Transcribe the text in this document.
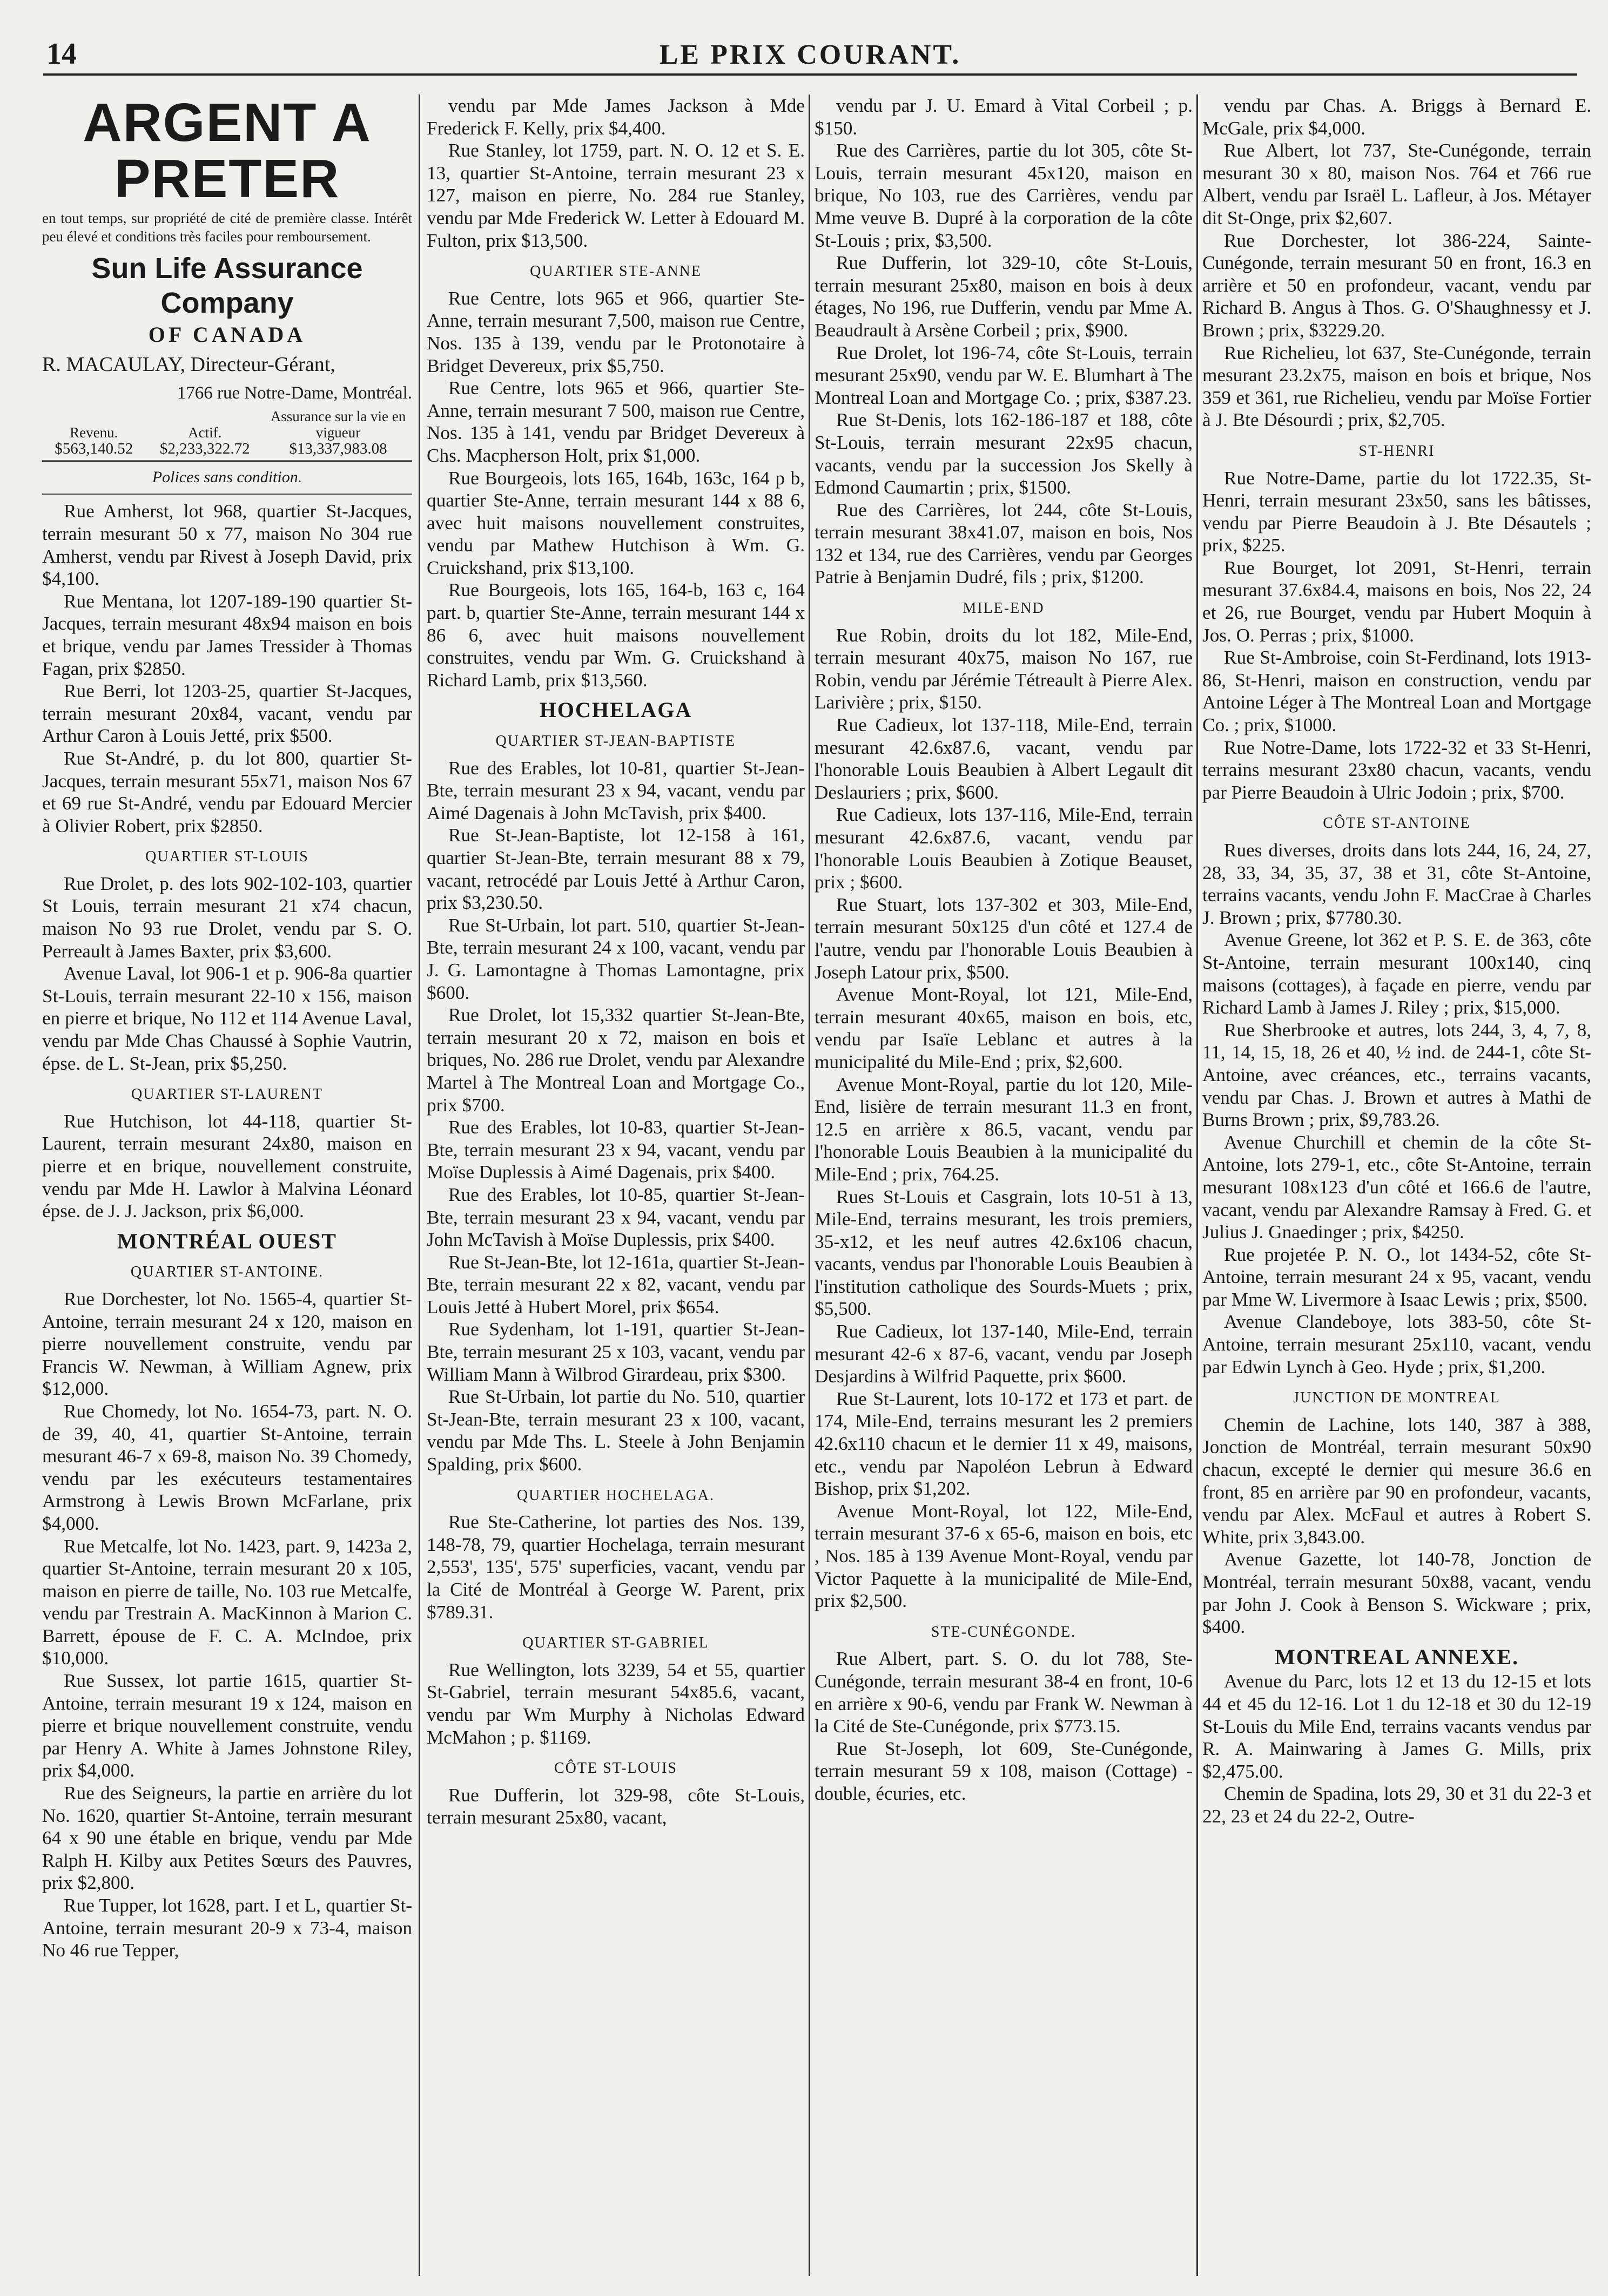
14	LE PRIX COURANT.
ARGENT A PRETER
en tout temps, sur propriété de cité de première classe. Intérêt peu élevé et conditions très faciles pour remboursement.
Sun Life Assurance Company
OF CANADA
R. MACAULAY, Directeur-Gérant,
1766 rue Notre-Dame, Montréal.
Revenu.	Actif.	Assurance sur la vie en vigueur
$563,140.52	$2,233,322.72	$13,337,983.08
Polices sans condition.
Rue Amherst, lot 968, quartier St-Jacques, terrain mesurant 50 x 77, maison No 304 rue Amherst, vendu par Rivest à Joseph David, prix $4,100.
Rue Mentana, lot 1207-189-190 quartier St-Jacques, terrain mesurant 48x94 maison en bois et brique, vendu par James Tressider à Thomas Fagan, prix $2850.
Rue Berri, lot 1203-25, quartier St-Jacques, terrain mesurant 20x84, vacant, vendu par Arthur Caron à Louis Jetté, prix $500.
Rue St-André, p. du lot 800, quartier St-Jacques, terrain mesurant 55x71, maison Nos 67 et 69 rue St-André, vendu par Edouard Mercier à Olivier Robert, prix $2850.
QUARTIER ST-LOUIS
Rue Drolet, p. des lots 902-102-103, quartier St Louis, terrain mesurant 21 x74 chacun, maison No 93 rue Drolet, vendu par S. O. Perreault à James Baxter, prix $3,600.
Avenue Laval, lot 906-1 et p. 906-8a quartier St-Louis, terrain mesurant 22-10 x 156, maison en pierre et brique, No 112 et 114 Avenue Laval, vendu par Mde Chas Chaussé à Sophie Vautrin, épse. de L. St-Jean, prix $5,250.
QUARTIER ST-LAURENT
Rue Hutchison, lot 44-118, quartier St-Laurent, terrain mesurant 24x80, maison en pierre et en brique, nouvellement construite, vendu par Mde H. Lawlor à Malvina Léonard épse. de J. J. Jackson, prix $6,000.
MONTRÉAL OUEST
QUARTIER ST-ANTOINE.
Rue Dorchester, lot No. 1565-4, quartier St-Antoine, terrain mesurant 24 x 120, maison en pierre nouvellement construite, vendu par Francis W. Newman, à William Agnew, prix $12,000.
Rue Chomedy, lot No. 1654-73, part. N. O. de 39, 40, 41, quartier St-Antoine, terrain mesurant 46-7 x 69-8, maison No. 39 Chomedy, vendu par les exécuteurs testamentaires Armstrong à Lewis Brown McFarlane, prix $4,000.
Rue Metcalfe, lot No. 1423, part. 9, 1423a 2, quartier St-Antoine, terrain mesurant 20 x 105, maison en pierre de taille, No. 103 rue Metcalfe, vendu par Trestrain A. MacKinnon à Marion C. Barrett, épouse de F. C. A. McIndoe, prix $10,000.
Rue Sussex, lot partie 1615, quartier St-Antoine, terrain mesurant 19 x 124, maison en pierre et brique nouvellement construite, vendu par Henry A. White à James Johnstone Riley, prix $4,000.
Rue des Seigneurs, la partie en arrière du lot No. 1620, quartier St-Antoine, terrain mesurant 64 x 90 une étable en brique, vendu par Mde Ralph H. Kilby aux Petites Sœurs des Pauvres, prix $2,800.
Rue Tupper, lot 1628, part. I et L, quartier St-Antoine, terrain mesurant 20-9 x 73-4, maison No 46 rue Tepper,
vendu par Mde James Jackson à Mde Frederick F. Kelly, prix $4,400.
Rue Stanley, lot 1759, part. N. O. 12 et S. E. 13, quartier St-Antoine, terrain mesurant 23 x 127, maison en pierre, No. 284 rue Stanley, vendu par Mde Frederick W. Letter à Edouard M. Fulton, prix $13,500.
QUARTIER STE-ANNE
Rue Centre, lots 965 et 966, quartier Ste-Anne, terrain mesurant 7,500, maison rue Centre, Nos. 135 à 139, vendu par le Protonotaire à Bridget Devereux, prix $5,750.
Rue Centre, lots 965 et 966, quartier Ste-Anne, terrain mesurant 7 500, maison rue Centre, Nos. 135 à 141, vendu par Bridget Devereux à Chs. Macpherson Holt, prix $1,000.
Rue Bourgeois, lots 165, 164b, 163c, 164 p b, quartier Ste-Anne, terrain mesurant 144 x 88 6, avec huit maisons nouvellement construites, vendu par Mathew Hutchison à Wm. G. Cruickshand, prix $13,100.
Rue Bourgeois, lots 165, 164-b, 163 c, 164 part. b, quartier Ste-Anne, terrain mesurant 144 x 86 6, avec huit maisons nouvellement construites, vendu par Wm. G. Cruickshand à Richard Lamb, prix $13,560.
HOCHELAGA
QUARTIER ST-JEAN-BAPTISTE
Rue des Erables, lot 10-81, quartier St-Jean-Bte, terrain mesurant 23 x 94, vacant, vendu par Aimé Dagenais à John McTavish, prix $400.
Rue St-Jean-Baptiste, lot 12-158 à 161, quartier St-Jean-Bte, terrain mesurant 88 x 79, vacant, retrocédé par Louis Jetté à Arthur Caron, prix $3,230.50.
Rue St-Urbain, lot part. 510, quartier St-Jean-Bte, terrain mesurant 24 x 100, vacant, vendu par J. G. Lamontagne à Thomas Lamontagne, prix $600.
Rue Drolet, lot 15,332 quartier St-Jean-Bte, terrain mesurant 20 x 72, maison en bois et briques, No. 286 rue Drolet, vendu par Alexandre Martel à The Montreal Loan and Mortgage Co., prix $700.
Rue des Erables, lot 10-83, quartier St-Jean-Bte, terrain mesurant 23 x 94, vacant, vendu par Moïse Duplessis à Aimé Dagenais, prix $400.
Rue des Erables, lot 10-85, quartier St-Jean-Bte, terrain mesurant 23 x 94, vacant, vendu par John McTavish à Moïse Duplessis, prix $400.
Rue St-Jean-Bte, lot 12-161a, quartier St-Jean-Bte, terrain mesurant 22 x 82, vacant, vendu par Louis Jetté à Hubert Morel, prix $654.
Rue Sydenham, lot 1-191, quartier St-Jean-Bte, terrain mesurant 25 x 103, vacant, vendu par William Mann à Wilbrod Girardeau, prix $300.
Rue St-Urbain, lot partie du No. 510, quartier St-Jean-Bte, terrain mesurant 23 x 100, vacant, vendu par Mde Ths. L. Steele à John Benjamin Spalding, prix $600.
QUARTIER HOCHELAGA.
Rue Ste-Catherine, lot parties des Nos. 139, 148-78, 79, quartier Hochelaga, terrain mesurant 2,553', 135', 575' superficies, vacant, vendu par la Cité de Montréal à George W. Parent, prix $789.31.
QUARTIER ST-GABRIEL
Rue Wellington, lots 3239, 54 et 55, quartier St-Gabriel, terrain mesurant 54x85.6, vacant, vendu par Wm Murphy à Nicholas Edward McMahon ; p. $1169.
CÔTE ST-LOUIS
Rue Dufferin, lot 329-98, côte St-Louis, terrain mesurant 25x80, vacant,
vendu par J. U. Emard à Vital Corbeil ; p. $150.
Rue des Carrières, partie du lot 305, côte St-Louis, terrain mesurant 45x120, maison en brique, No 103, rue des Carrières, vendu par Mme veuve B. Dupré à la corporation de la côte St-Louis ; prix, $3,500.
Rue Dufferin, lot 329-10, côte St-Louis, terrain mesurant 25x80, maison en bois à deux étages, No 196, rue Dufferin, vendu par Mme A. Beaudrault à Arsène Corbeil ; prix, $900.
Rue Drolet, lot 196-74, côte St-Louis, terrain mesurant 25x90, vendu par W. E. Blumhart à The Montreal Loan and Mortgage Co. ; prix, $387.23.
Rue St-Denis, lots 162-186-187 et 188, côte St-Louis, terrain mesurant 22x95 chacun, vacants, vendu par la succession Jos Skelly à Edmond Caumartin ; prix, $1500.
Rue des Carrières, lot 244, côte St-Louis, terrain mesurant 38x41.07, maison en bois, Nos 132 et 134, rue des Carrières, vendu par Georges Patrie à Benjamin Dudré, fils ; prix, $1200.
MILE-END
Rue Robin, droits du lot 182, Mile-End, terrain mesurant 40x75, maison No 167, rue Robin, vendu par Jérémie Tétreault à Pierre Alex. Larivière ; prix, $150.
Rue Cadieux, lot 137-118, Mile-End, terrain mesurant 42.6x87.6, vacant, vendu par l'honorable Louis Beaubien à Albert Legault dit Deslauriers ; prix, $600.
Rue Cadieux, lots 137-116, Mile-End, terrain mesurant 42.6x87.6, vacant, vendu par l'honorable Louis Beaubien à Zotique Beauset, prix ; $600.
Rue Stuart, lots 137-302 et 303, Mile-End, terrain mesurant 50x125 d'un côté et 127.4 de l'autre, vendu par l'honorable Louis Beaubien à Joseph Latour prix, $500.
Avenue Mont-Royal, lot 121, Mile-End, terrain mesurant 40x65, maison en bois, etc, vendu par Isaïe Leblanc et autres à la municipalité du Mile-End ; prix, $2,600.
Avenue Mont-Royal, partie du lot 120, Mile-End, lisière de terrain mesurant 11.3 en front, 12.5 en arrière x 86.5, vacant, vendu par l'honorable Louis Beaubien à la municipalité du Mile-End ; prix, 764.25.
Rues St-Louis et Casgrain, lots 10-51 à 13, Mile-End, terrains mesurant, les trois premiers, 35-x12, et les neuf autres 42.6x106 chacun, vacants, vendus par l'honorable Louis Beaubien à l'institution catholique des Sourds-Muets ; prix, $5,500.
Rue Cadieux, lot 137-140, Mile-End, terrain mesurant 42-6 x 87-6, vacant, vendu par Joseph Desjardins à Wilfrid Paquette, prix $600.
Rue St-Laurent, lots 10-172 et 173 et part. de 174, Mile-End, terrains mesurant les 2 premiers 42.6x110 chacun et le dernier 11 x 49, maisons, etc., vendu par Napoléon Lebrun à Edward Bishop, prix $1,202.
Avenue Mont-Royal, lot 122, Mile-End, terrain mesurant 37-6 x 65-6, maison en bois, etc , Nos. 185 à 139 Avenue Mont-Royal, vendu par Victor Paquette à la municipalité de Mile-End, prix $2,500.
STE-CUNÉGONDE.
Rue Albert, part. S. O. du lot 788, Ste-Cunégonde, terrain mesurant 38-4 en front, 10-6 en arrière x 90-6, vendu par Frank W. Newman à la Cité de Ste-Cunégonde, prix $773.15.
Rue St-Joseph, lot 609, Ste-Cunégonde, terrain mesurant 59 x 108, maison (Cottage) - double, écuries, etc.
vendu par Chas. A. Briggs à Bernard E. McGale, prix $4,000.
Rue Albert, lot 737, Ste-Cunégonde, terrain mesurant 30 x 80, maison Nos. 764 et 766 rue Albert, vendu par Israël L. Lafleur, à Jos. Métayer dit St-Onge, prix $2,607.
Rue Dorchester, lot 386-224, Sainte-Cunégonde, terrain mesurant 50 en front, 16.3 en arrière et 50 en profondeur, vacant, vendu par Richard B. Angus à Thos. G. O'Shaughnessy et J. Brown ; prix, $3229.20.
Rue Richelieu, lot 637, Ste-Cunégonde, terrain mesurant 23.2x75, maison en bois et brique, Nos 359 et 361, rue Richelieu, vendu par Moïse Fortier à J. Bte Désourdi ; prix, $2,705.
ST-HENRI
Rue Notre-Dame, partie du lot 1722.35, St-Henri, terrain mesurant 23x50, sans les bâtisses, vendu par Pierre Beaudoin à J. Bte Désautels ; prix, $225.
Rue Bourget, lot 2091, St-Henri, terrain mesurant 37.6x84.4, maisons en bois, Nos 22, 24 et 26, rue Bourget, vendu par Hubert Moquin à Jos. O. Perras ; prix, $1000.
Rue St-Ambroise, coin St-Ferdinand, lots 1913-86, St-Henri, maison en construction, vendu par Antoine Léger à The Montreal Loan and Mortgage Co. ; prix, $1000.
Rue Notre-Dame, lots 1722-32 et 33 St-Henri, terrains mesurant 23x80 chacun, vacants, vendu par Pierre Beaudoin à Ulric Jodoin ; prix, $700.
CÔTE ST-ANTOINE
Rues diverses, droits dans lots 244, 16, 24, 27, 28, 33, 34, 35, 37, 38 et 31, côte St-Antoine, terrains vacants, vendu John F. MacCrae à Charles J. Brown ; prix, $7780.30.
Avenue Greene, lot 362 et P. S. E. de 363, côte St-Antoine, terrain mesurant 100x140, cinq maisons (cottages), à façade en pierre, vendu par Richard Lamb à James J. Riley ; prix, $15,000.
Rue Sherbrooke et autres, lots 244, 3, 4, 7, 8, 11, 14, 15, 18, 26 et 40, ½ ind. de 244-1, côte St-Antoine, avec créances, etc., terrains vacants, vendu par Chas. J. Brown et autres à Mathi de Burns Brown ; prix, $9,783.26.
Avenue Churchill et chemin de la côte St-Antoine, lots 279-1, etc., côte St-Antoine, terrain mesurant 108x123 d'un côté et 166.6 de l'autre, vacant, vendu par Alexandre Ramsay à Fred. G. et Julius J. Gnaedinger ; prix, $4250.
Rue projetée P. N. O., lot 1434-52, côte St-Antoine, terrain mesurant 24 x 95, vacant, vendu par Mme W. Livermore à Isaac Lewis ; prix, $500.
Avenue Clandeboye, lots 383-50, côte St-Antoine, terrain mesurant 25x110, vacant, vendu par Edwin Lynch à Geo. Hyde ; prix, $1,200.
JUNCTION DE MONTREAL
Chemin de Lachine, lots 140, 387 à 388, Jonction de Montréal, terrain mesurant 50x90 chacun, excepté le dernier qui mesure 36.6 en front, 85 en arrière par 90 en profondeur, vacants, vendu par Alex. McFaul et autres à Robert S. White, prix 3,843.00.
Avenue Gazette, lot 140-78, Jonction de Montréal, terrain mesurant 50x88, vacant, vendu par John J. Cook à Benson S. Wickware ; prix, $400.
MONTREAL ANNEXE.
Avenue du Parc, lots 12 et 13 du 12-15 et lots 44 et 45 du 12-16. Lot 1 du 12-18 et 30 du 12-19 St-Louis du Mile End, terrains vacants vendus par R. A. Mainwaring à James G. Mills, prix $2,475.00.
Chemin de Spadina, lots 29, 30 et 31 du 22-3 et 22, 23 et 24 du 22-2, Outre-
